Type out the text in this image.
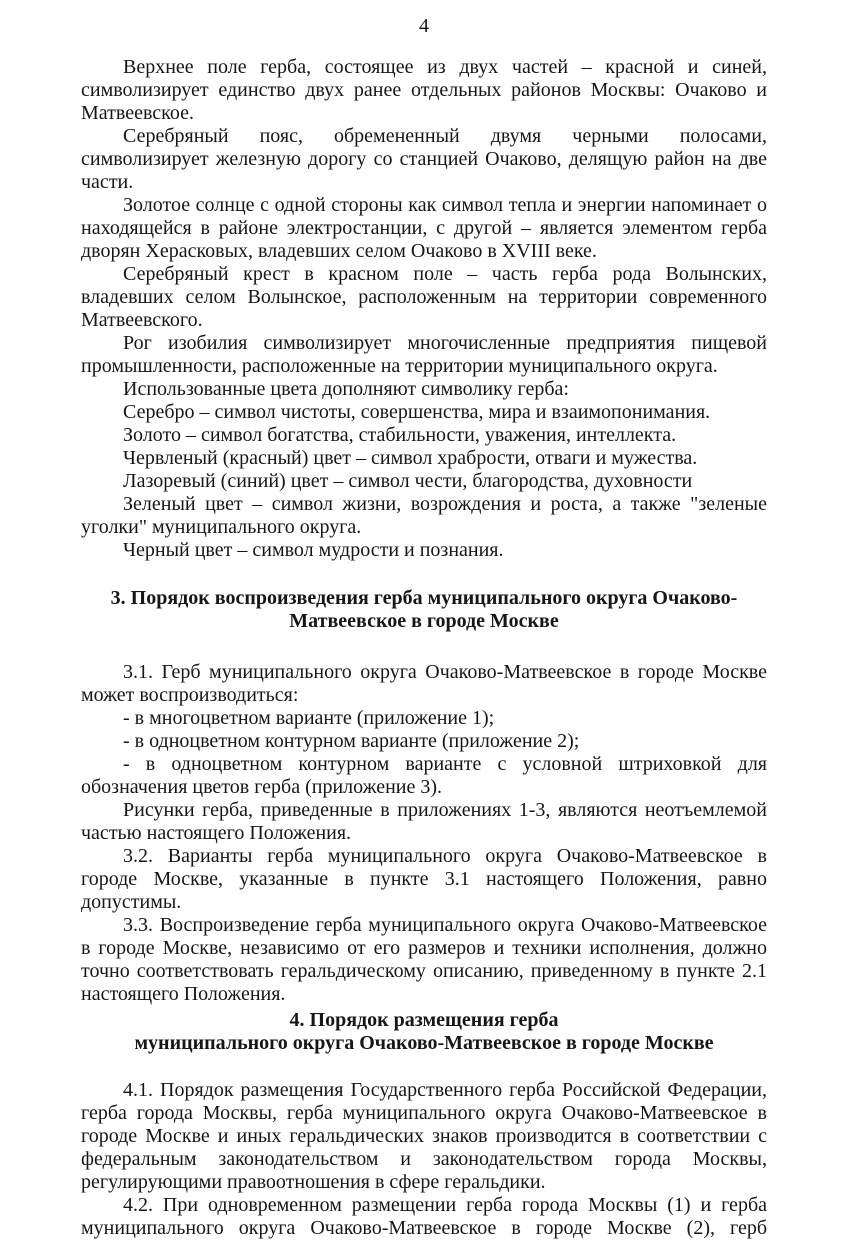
4

Верхнее поле герба, состоящее из двух частей – красной и синей, символизирует единство двух ранее отдельных районов Москвы: Очаково и Матвеевское.

Серебряный пояс, обремененный двумя черными полосами, символизирует железную дорогу со станцией Очаково, делящую район на две части.

Золотое солнце с одной стороны как символ тепла и энергии напоминает о находящейся в районе электростанции, с другой – является элементом герба дворян Херасковых, владевших селом Очаково в XVIII веке.

Серебряный крест в красном поле – часть герба рода Волынских, владевших селом Волынское, расположенным на территории современного Матвеевского.

Рог изобилия символизирует многочисленные предприятия пищевой промышленности, расположенные на территории муниципального округа.

Использованные цвета дополняют символику герба:

Серебро – символ чистоты, совершенства, мира и взаимопонимания.

Золото – символ богатства, стабильности, уважения, интеллекта.

Червленый (красный) цвет – символ храбрости, отваги и мужества.

Лазоревый (синий) цвет – символ чести, благородства, духовности

Зеленый цвет – символ жизни, возрождения и роста, а также "зеленые уголки" муниципального округа.

Черный цвет – символ мудрости и познания.

3. Порядок воспроизведения герба муниципального округа Очаково-
Матвеевское в городе Москве

3.1. Герб муниципального округа Очаково-Матвеевское в городе Москве может воспроизводиться:

- в многоцветном варианте (приложение 1);

- в одноцветном контурном варианте (приложение 2);

- в одноцветном контурном варианте с условной штриховкой для обозначения цветов герба (приложение 3).

Рисунки герба, приведенные в приложениях 1-3, являются неотъемлемой частью настоящего Положения.

3.2. Варианты герба муниципального округа Очаково-Матвеевское в городе Москве, указанные в пункте 3.1 настоящего Положения, равно допустимы.

3.3. Воспроизведение герба муниципального округа Очаково-Матвеевское в городе Москве, независимо от его размеров и техники исполнения, должно точно соответствовать геральдическому описанию, приведенному в пункте 2.1 настоящего Положения.

4. Порядок размещения герба
муниципального округа Очаково-Матвеевское в городе Москве

4.1. Порядок размещения Государственного герба Российской Федерации, герба города Москвы, герба муниципального округа Очаково-Матвеевское в городе Москве и иных геральдических знаков производится в соответствии с федеральным законодательством и законодательством города Москвы, регулирующими правоотношения в сфере геральдики.

4.2. При одновременном размещении герба города Москвы (1) и герба муниципального округа Очаково-Матвеевское в городе Москве (2), герб
